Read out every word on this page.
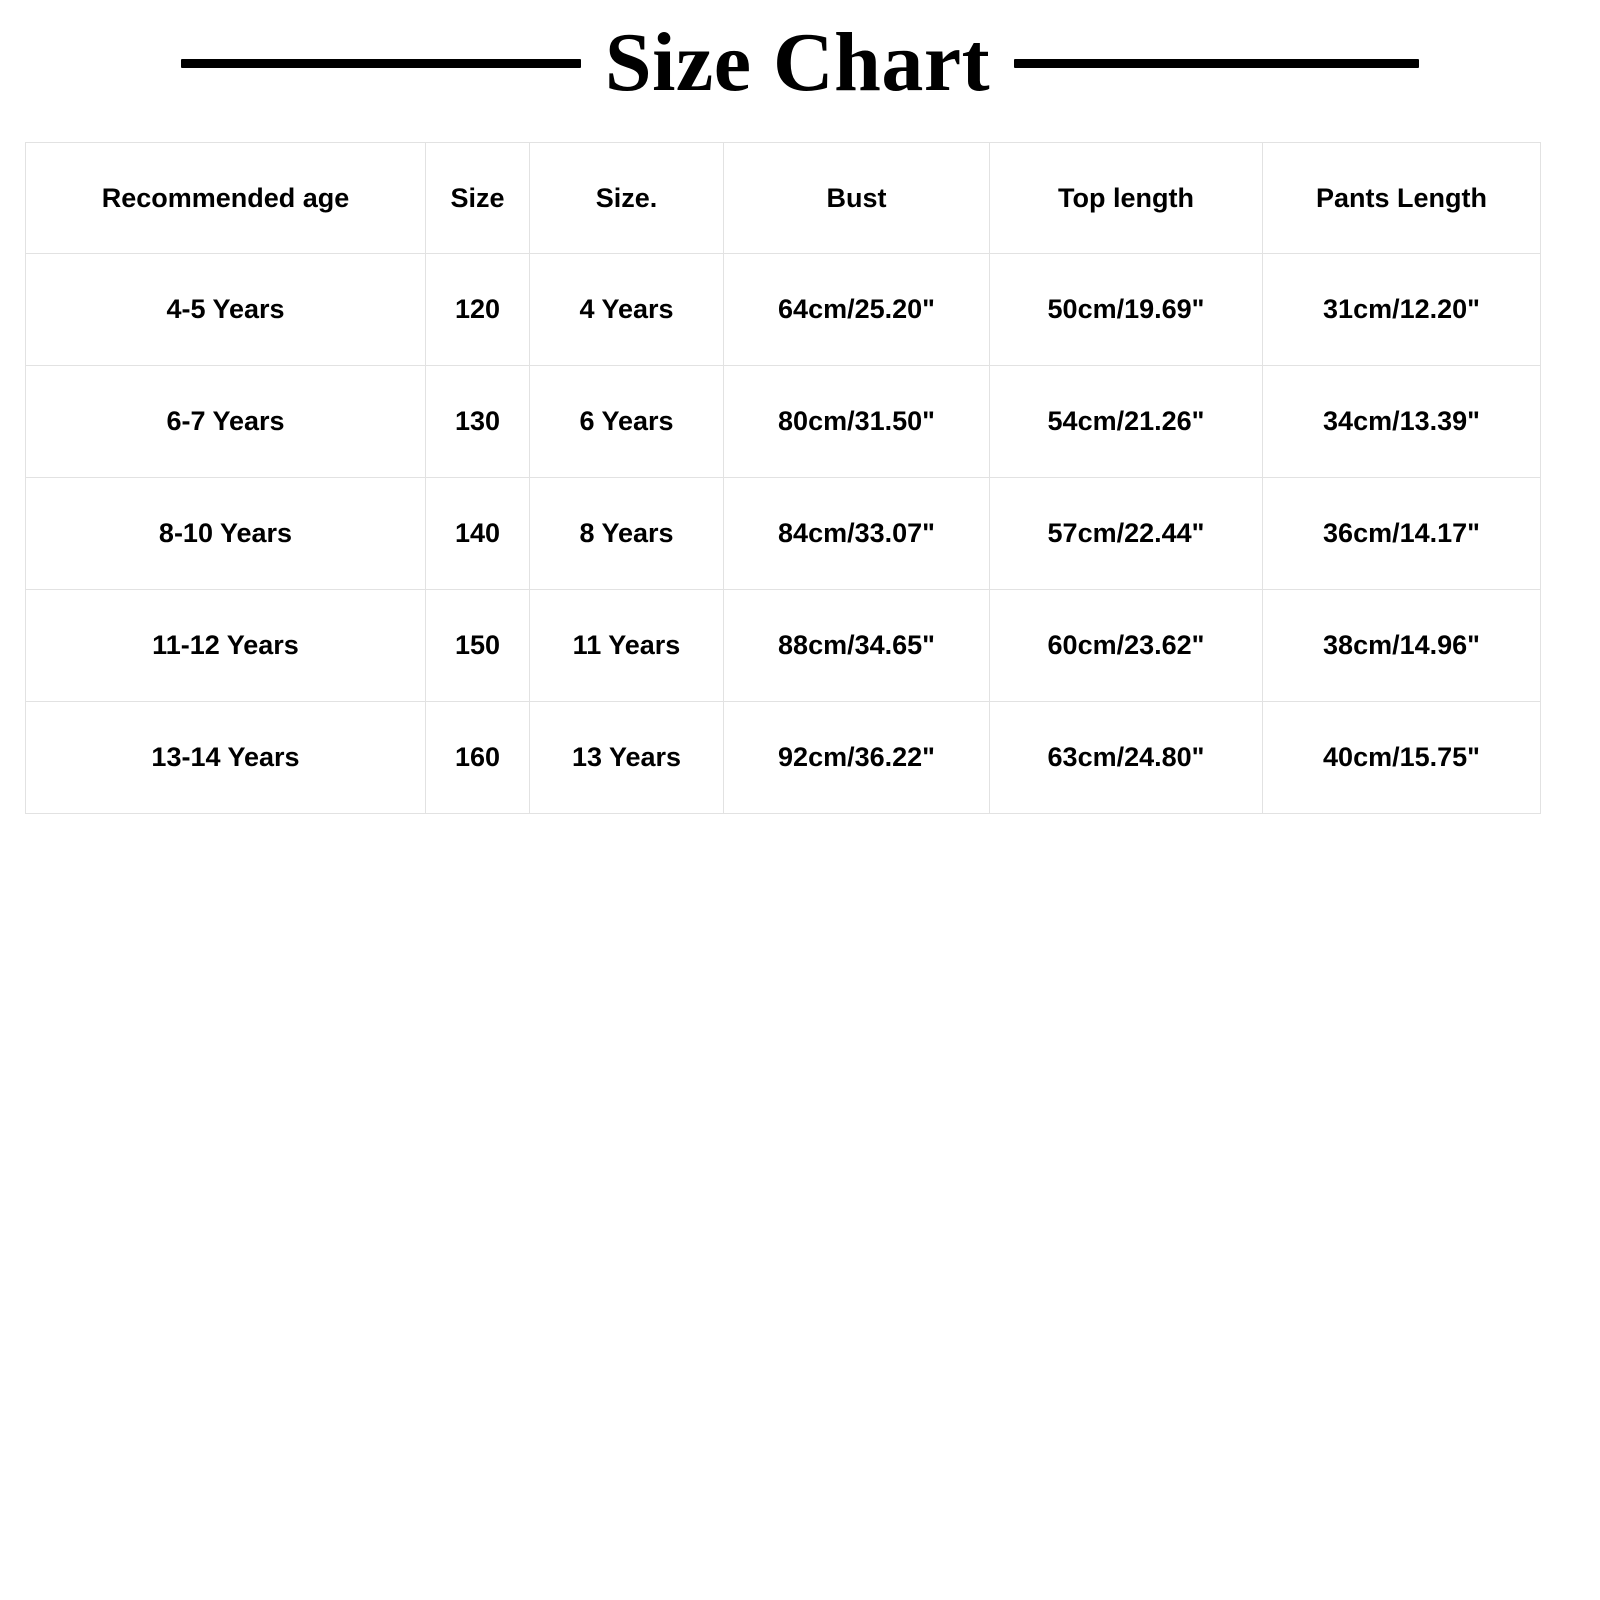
Size Chart
Recommended age	Size	Size.	Bust	Top length	Pants Length
4-5 Years	120	4 Years	64cm/25.20"	50cm/19.69"	31cm/12.20"
6-7 Years	130	6 Years	80cm/31.50"	54cm/21.26"	34cm/13.39"
8-10 Years	140	8 Years	84cm/33.07"	57cm/22.44"	36cm/14.17"
11-12 Years	150	11 Years	88cm/34.65"	60cm/23.62"	38cm/14.96"
13-14 Years	160	13 Years	92cm/36.22"	63cm/24.80"	40cm/15.75"
